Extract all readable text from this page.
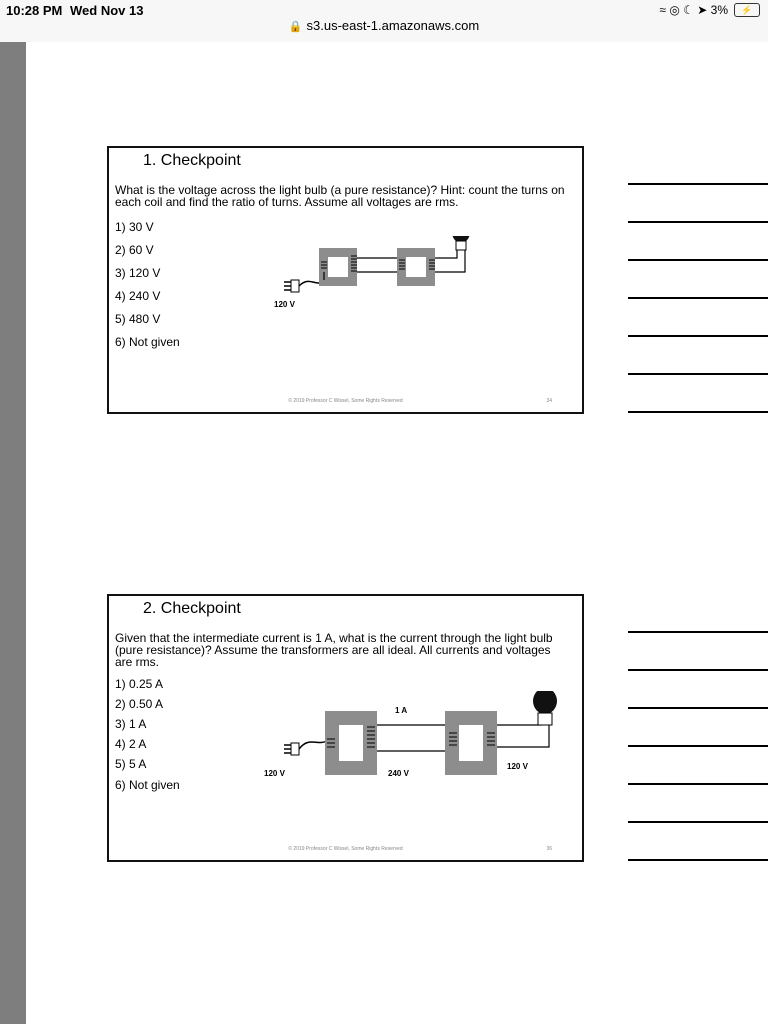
10:28 PM Wed Nov 13	≈ ◎ ☾ ➤ 3%	⚡
🔒 s3.us-east-1.amazonaws.com
1. Checkpoint
What is the voltage across the light bulb (a pure resistance)? Hint: count the turns on each coil and find the ratio of turns. Assume all voltages are rms.
1) 30 V
2) 60 V
3) 120 V
4) 240 V
5) 480 V
6) Not given
120 V
© 2019 Professor C Wissel, Some Rights Reserved	34
2. Checkpoint
Given that the intermediate current is 1 A, what is the current through the light bulb (pure resistance)? Assume the transformers are all ideal. All currents and voltages are rms.
1) 0.25 A
2) 0.50 A
3) 1 A
4) 2 A
5) 5 A
6) Not given
1 A
120 V	240 V
120 V
© 2019 Professor C Wissel, Some Rights Reserved	36
